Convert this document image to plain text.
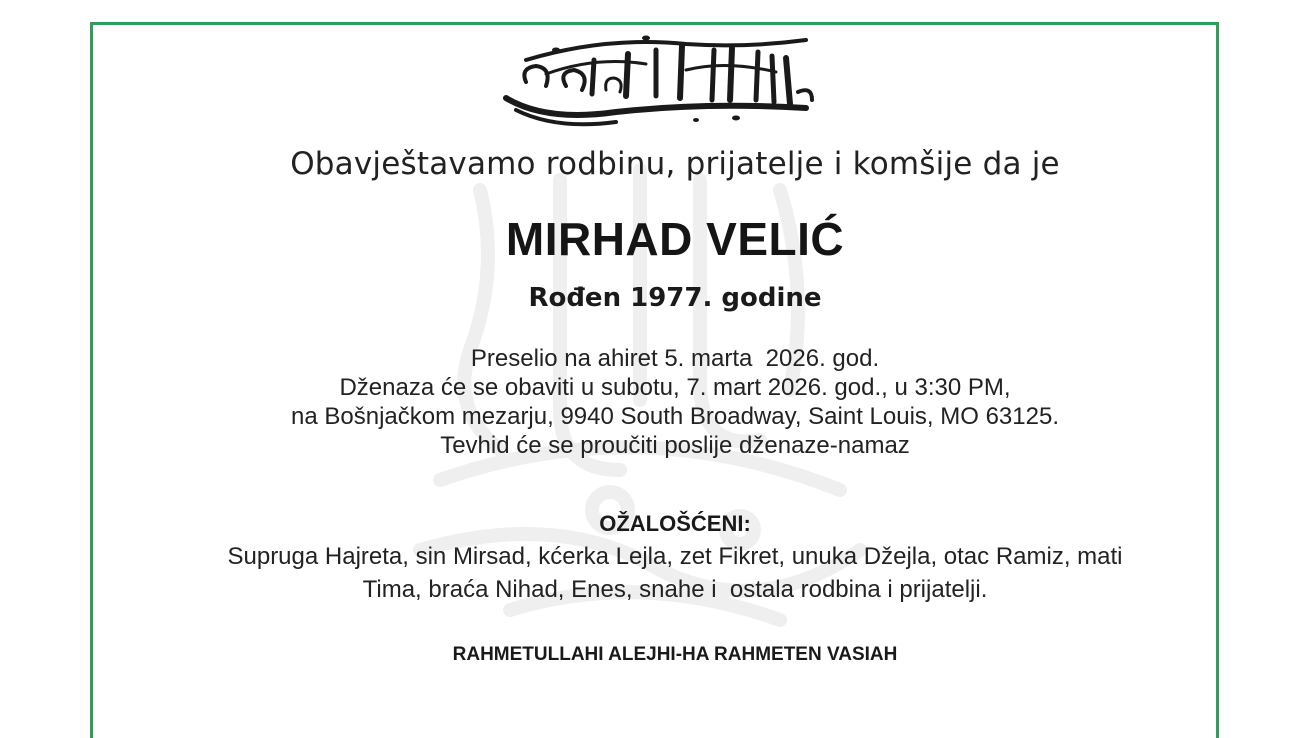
Obavještavamo rodbinu, prijatelje i komšije da je
MIRHAD VELIĆ
Rođen 1977. godine
Preselio na ahiret 5. marta  2026. god.
Dženaza će se obaviti u subotu, 7. mart 2026. god., u 3:30 PM,
na Bošnjačkom mezarju, 9940 South Broadway, Saint Louis, MO 63125.
Tevhid će se proučiti poslije dženaze-namaz
OŽALOŠĆENI:
Supruga Hajreta, sin Mirsad, kćerka Lejla, zet Fikret, unuka Džejla, otac Ramiz, mati
Tima, braća Nihad, Enes, snahe i  ostala rodbina i prijatelji.
RAHMETULLAHI ALEJHI-HA RAHMETEN VASIAH
